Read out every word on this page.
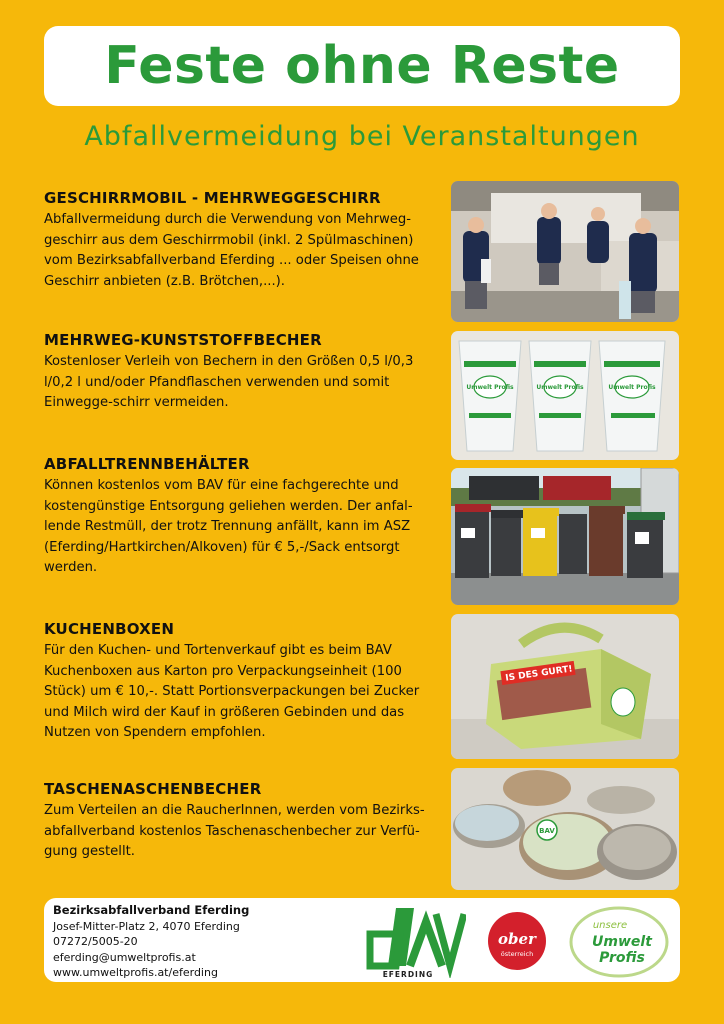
Feste ohne Reste
Abfallvermeidung bei Veranstaltungen
GESCHIRRMOBIL - MEHRWEGGESCHIRR

Abfallvermeidung durch die Verwendung von Mehrweg-geschirr aus dem Geschirrmobil (inkl. 2 Spülmaschinen) vom Bezirksabfallverband Eferding ... oder Speisen ohne Geschirr anbieten (z.B. Brötchen,...).

MEHRWEG-KUNSTSTOFFBECHER

Kostenloser Verleih von Bechern in den Größen 0,5 l/0,3 l/0,2 l und/oder Pfandflaschen verwenden und somit Einwegge-schirr vermeiden.

Umwelt Profis	Umwelt Profis	Umwelt Profis
ABFALLTRENNBEHÄLTER

Können kostenlos vom BAV für eine fachgerechte und kostengünstige Entsorgung geliehen werden. Der anfal-lende Restmüll, der trotz Trennung anfällt, kann im ASZ (Eferding/Hartkirchen/Alkoven) für € 5,-/Sack entsorgt werden.

KUCHENBOXEN

Für den Kuchen- und Tortenverkauf gibt es beim BAV Kuchenboxen aus Karton pro Verpackungseinheit (100 Stück) um € 10,-. Statt Portionsverpackungen bei Zucker und Milch wird der Kauf in größeren Gebinden und das Nutzen von Spendern empfohlen.

IS DES GURT!
TASCHENASCHENBECHER

Zum Verteilen an die RaucherInnen, werden vom Bezirks-abfallverband kostenlos Taschenaschenbecher zur Verfü-gung gestellt.

BAV
Bezirksabfallverband Eferding
Josef-Mitter-Platz 2, 4070 Eferding
07272/5005-20
eferding@umweltprofis.at
www.umweltprofis.at/eferding	EFERDING
ober
österreich
unsere
Umwelt
Profis
